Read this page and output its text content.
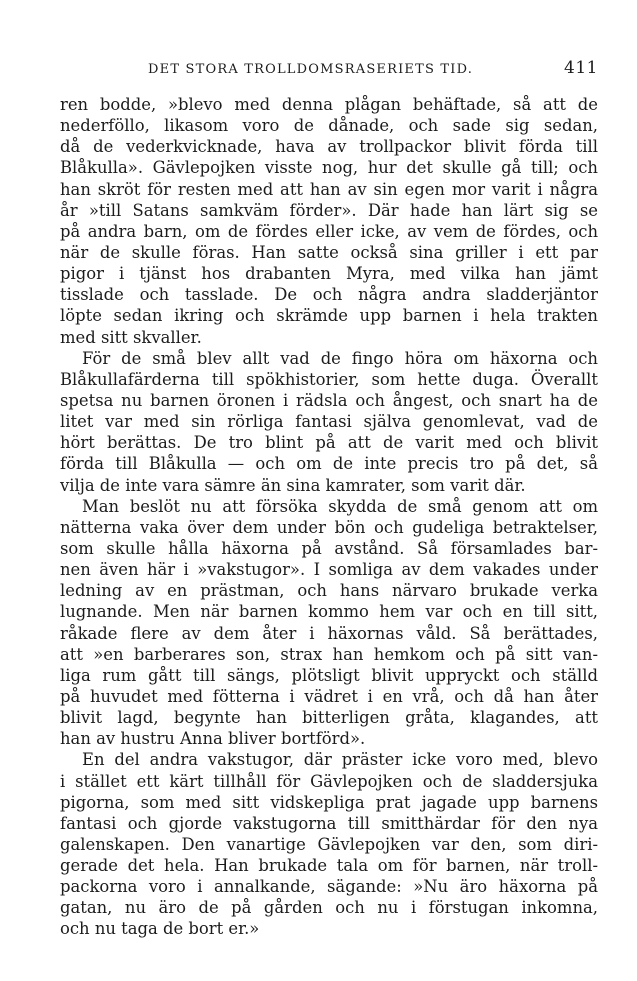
DET STORA TROLLDOMSRASERIETS TID.	411
ren bodde, »blevo med denna plågan behäftade, så att de
nederföllo, likasom voro de dånade, och sade sig sedan,
då de vederkvicknade, hava av trollpackor blivit förda till
Blåkulla». Gävlepojken visste nog, hur det skulle gå till; och
han skröt för resten med att han av sin egen mor varit i några
år »till Satans samkväm förder». Där hade han lärt sig se
på andra barn, om de fördes eller icke, av vem de fördes, och
när de skulle föras. Han satte också sina griller i ett par
pigor i tjänst hos drabanten Myra, med vilka han jämt
tisslade och tasslade. De och några andra sladderjäntor
löpte sedan ikring och skrämde upp barnen i hela trakten
med sitt skvaller.
För de små blev allt vad de fingo höra om häxorna och
Blåkullafärderna till spökhistorier, som hette duga. Överallt
spetsa nu barnen öronen i rädsla och ångest, och snart ha de
litet var med sin rörliga fantasi själva genomlevat, vad de
hört berättas. De tro blint på att de varit med och blivit
förda till Blåkulla — och om de inte precis tro på det, så
vilja de inte vara sämre än sina kamrater, som varit där.
Man beslöt nu att försöka skydda de små genom att om
nätterna vaka över dem under bön och gudeliga betraktelser,
som skulle hålla häxorna på avstånd. Så församlades bar-
nen även här i »vakstugor». I somliga av dem vakades under
ledning av en prästman, och hans närvaro brukade verka
lugnande. Men när barnen kommo hem var och en till sitt,
råkade flere av dem åter i häxornas våld. Så berättades,
att »en barberares son, strax han hemkom och på sitt van-
liga rum gått till sängs, plötsligt blivit uppryckt och ställd
på huvudet med fötterna i vädret i en vrå, och då han åter
blivit lagd, begynte han bitterligen gråta, klagandes, att
han av hustru Anna bliver bortförd».
En del andra vakstugor, där präster icke voro med, blevo
i stället ett kärt tillhåll för Gävlepojken och de sladdersjuka
pigorna, som med sitt vidskepliga prat jagade upp barnens
fantasi och gjorde vakstugorna till smitthärdar för den nya
galenskapen. Den vanartige Gävlepojken var den, som diri-
gerade det hela. Han brukade tala om för barnen, när troll-
packorna voro i annalkande, sägande: »Nu äro häxorna på
gatan, nu äro de på gården och nu i förstugan inkomna,
och nu taga de bort er.»
